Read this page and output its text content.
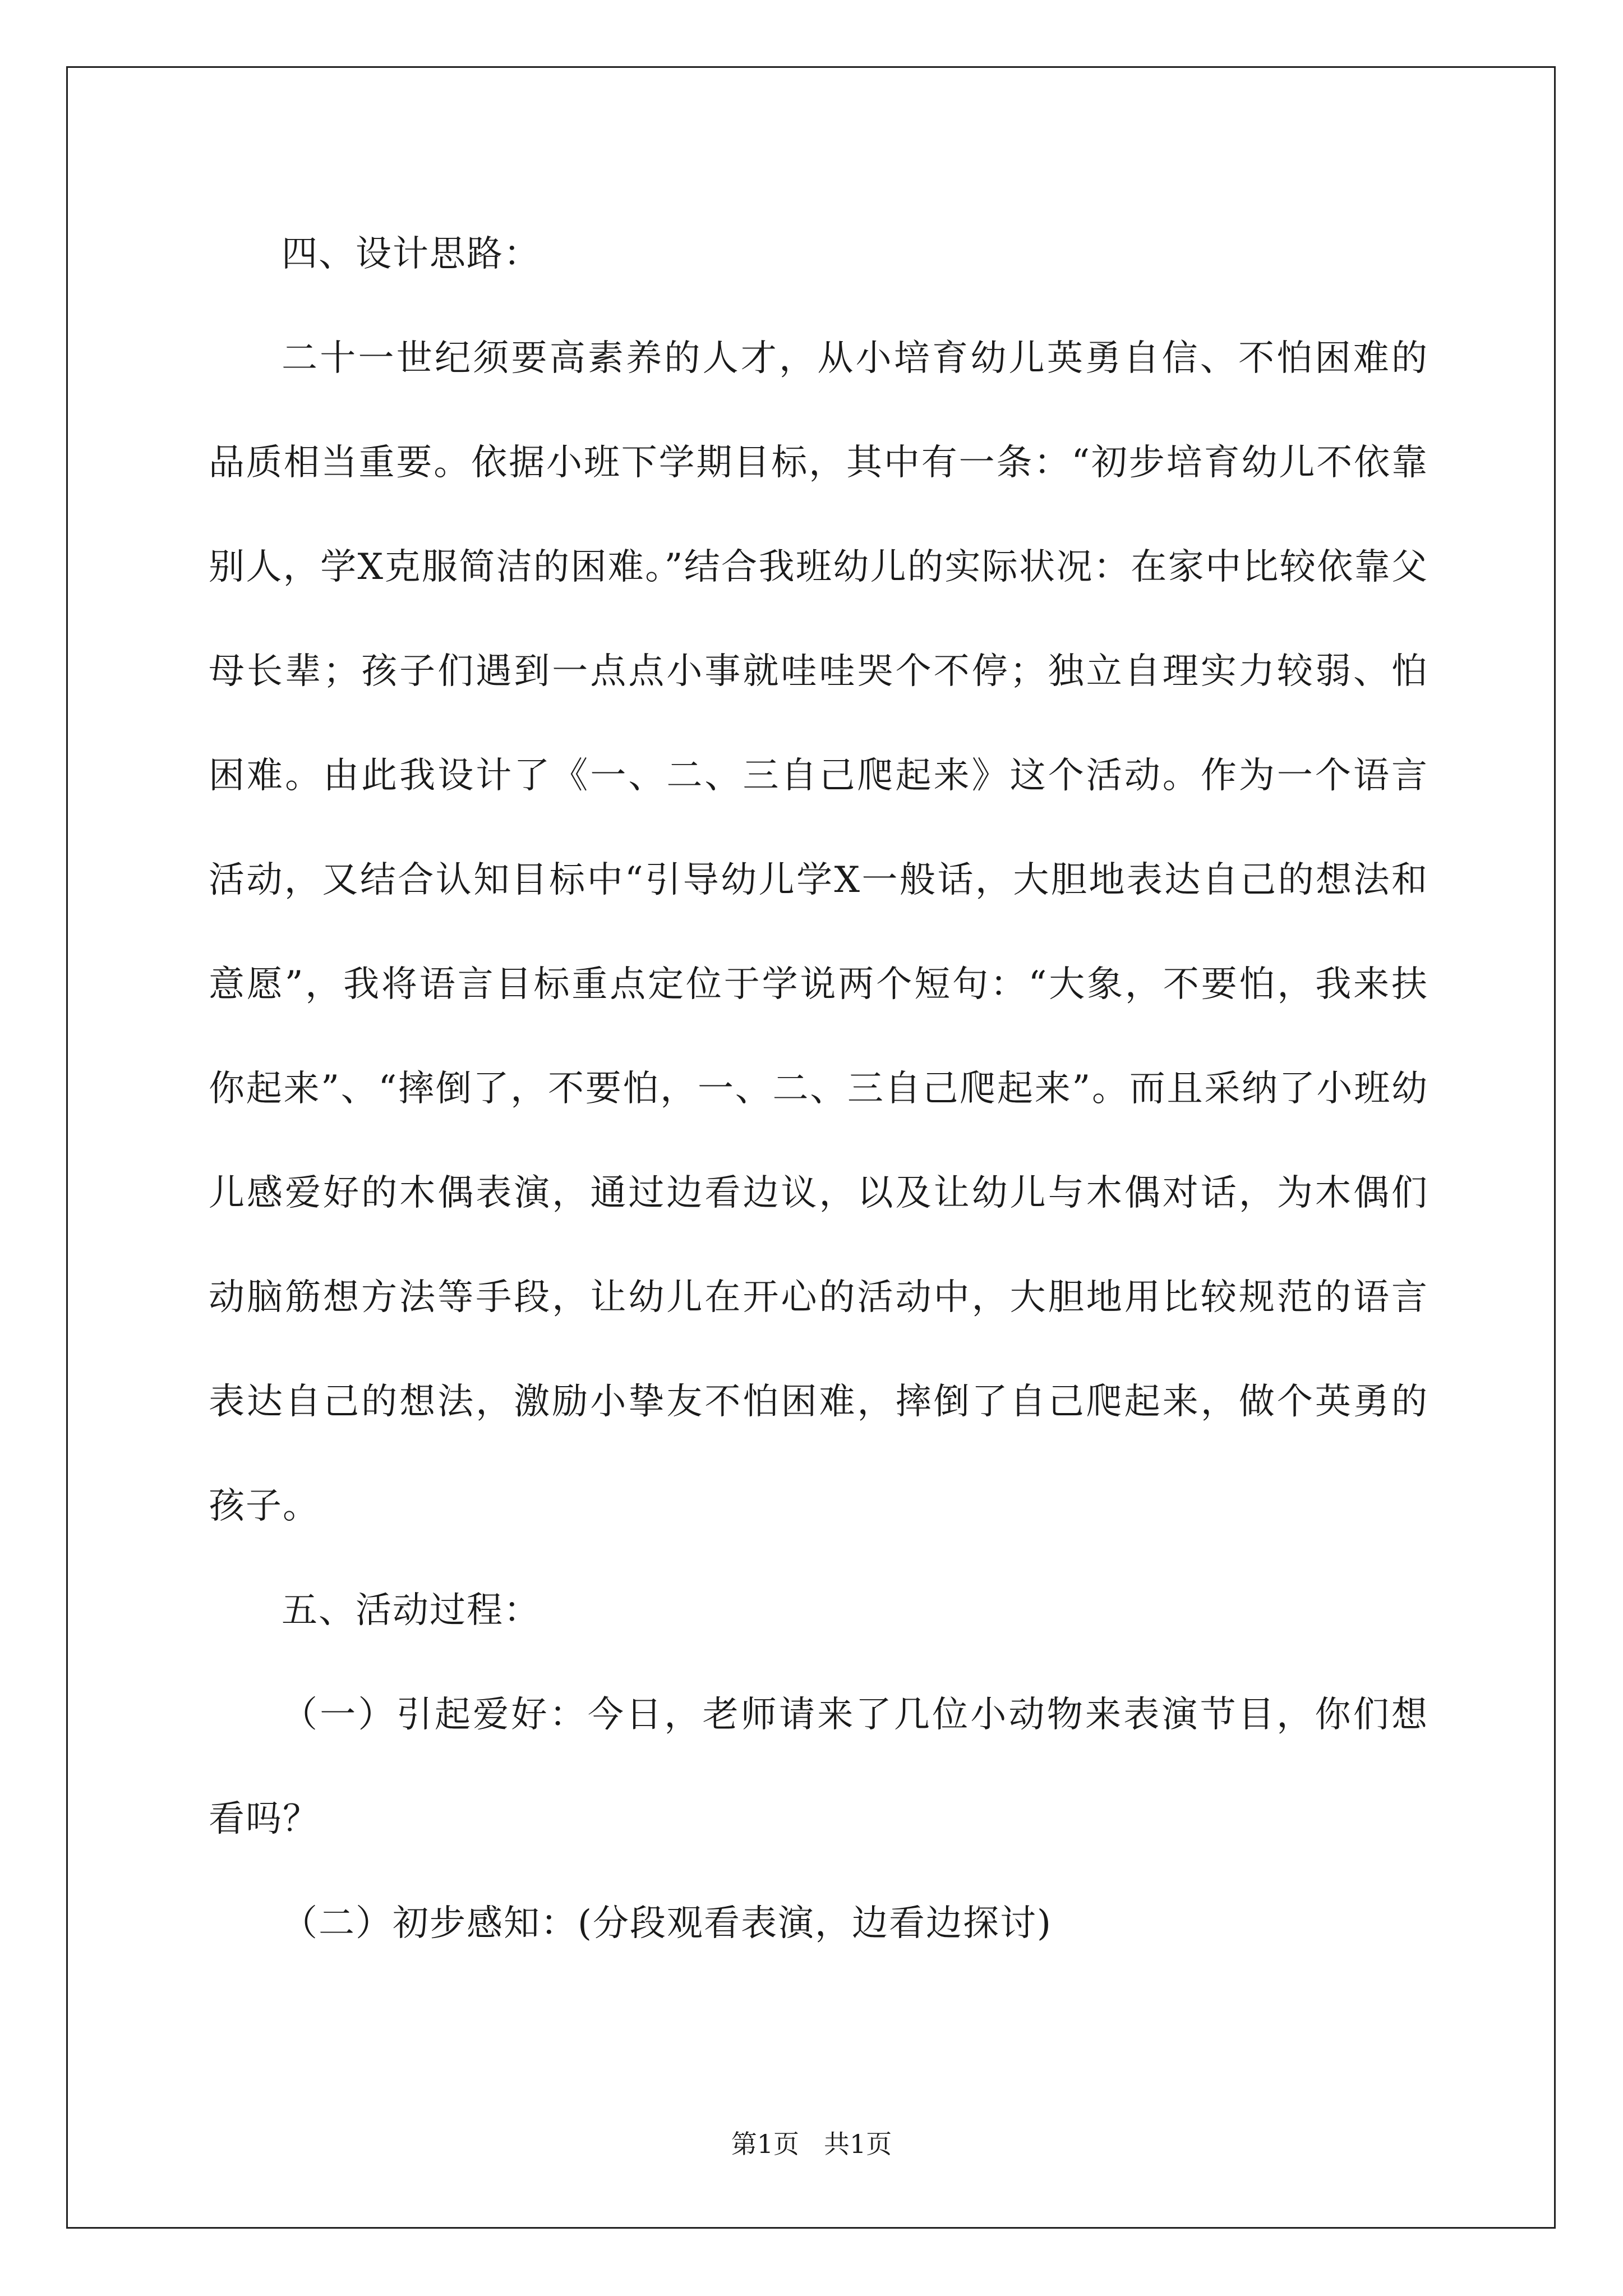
四、设计思路：

二十一世纪须要高素养的人才，从小培育幼儿英勇自信、不怕困难的品质相当重要。依据小班下学期目标，其中有一条：“初步培育幼儿不依靠别人，学X克服简洁的困难。”结合我班幼儿的实际状况：在家中比较依靠父母长辈；孩子们遇到一点点小事就哇哇哭个不停；独立自理实力较弱、怕困难。由此我设计了《一、二、三自己爬起来》这个活动。作为一个语言活动，又结合认知目标中“引导幼儿学X一般话，大胆地表达自己的想法和意愿”，我将语言目标重点定位于学说两个短句：“大象，不要怕，我来扶你起来”、“摔倒了，不要怕，一、二、三自己爬起来”。而且采纳了小班幼儿感爱好的木偶表演，通过边看边议，以及让幼儿与木偶对话，为木偶们动脑筋想方法等手段，让幼儿在开心的活动中，大胆地用比较规范的语言表达自己的想法，激励小挚友不怕困难，摔倒了自己爬起来，做个英勇的孩子。

五、活动过程：

（一）引起爱好：今日，老师请来了几位小动物来表演节目，你们想看吗？

（二）初步感知：(分段观看表演，边看边探讨)

第1页 共1页
